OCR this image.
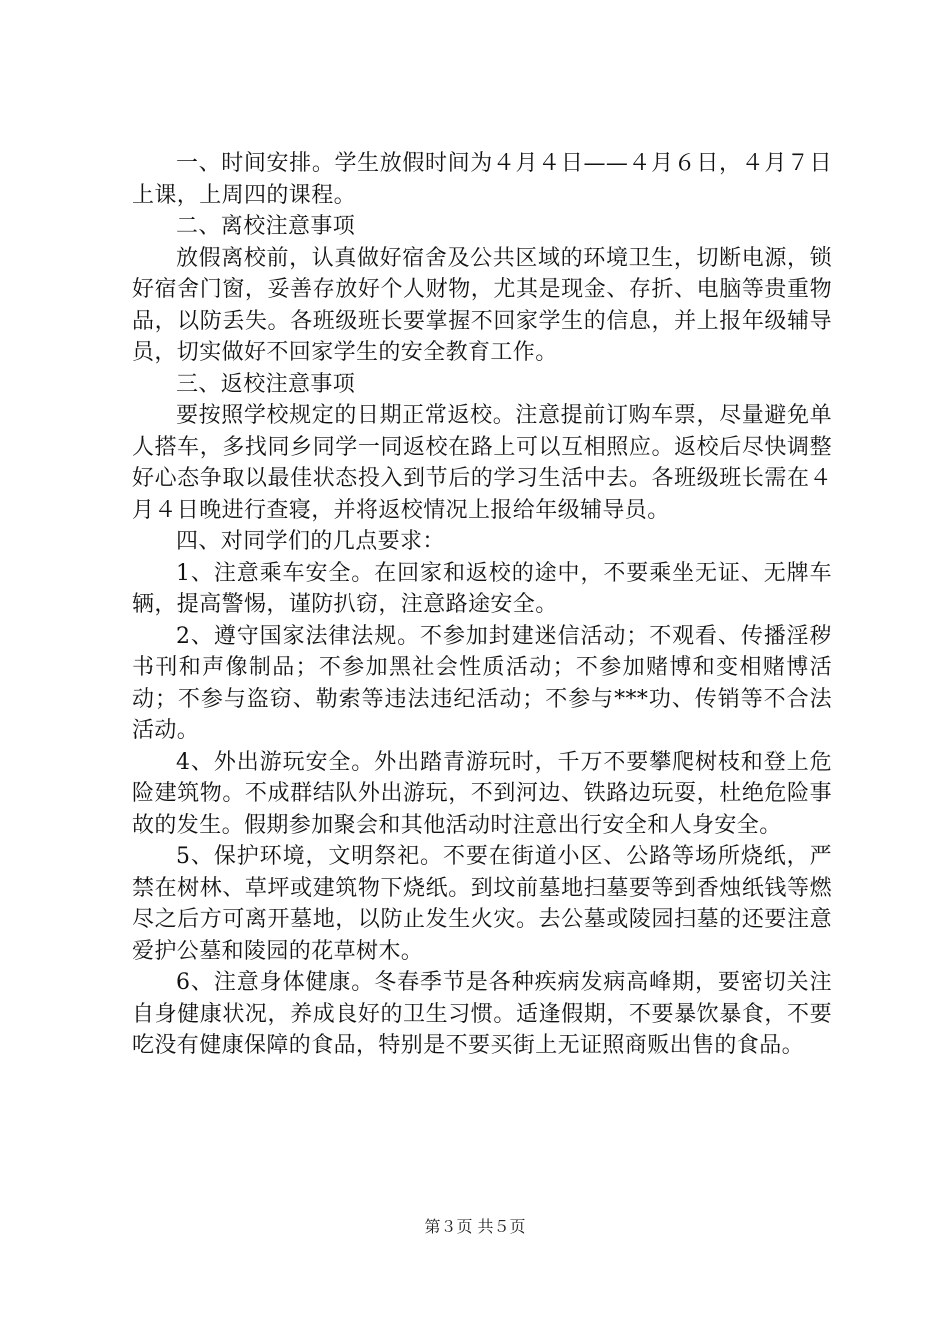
一、时间安排。学生放假时间为４月４日——４月６日，４月７日上课，上周四的课程。

二、离校注意事项

放假离校前，认真做好宿舍及公共区域的环境卫生，切断电源，锁好宿舍门窗，妥善存放好个人财物，尤其是现金、存折、电脑等贵重物品，以防丢失。各班级班长要掌握不回家学生的信息，并上报年级辅导员，切实做好不回家学生的安全教育工作。

三、返校注意事项

要按照学校规定的日期正常返校。注意提前订购车票，尽量避免单人搭车，多找同乡同学一同返校在路上可以互相照应。返校后尽快调整好心态争取以最佳状态投入到节后的学习生活中去。各班级班长需在４月４日晚进行查寝，并将返校情况上报给年级辅导员。

四、对同学们的几点要求：

1、注意乘车安全。在回家和返校的途中，不要乘坐无证、无牌车辆，提高警惕，谨防扒窃，注意路途安全。

2、遵守国家法律法规。不参加封建迷信活动；不观看、传播淫秽书刊和声像制品；不参加黑社会性质活动；不参加赌博和变相赌博活动；不参与盗窃、勒索等违法违纪活动；不参与***功、传销等不合法活动。

4、外出游玩安全。外出踏青游玩时，千万不要攀爬树枝和登上危险建筑物。不成群结队外出游玩，不到河边、铁路边玩耍，杜绝危险事故的发生。假期参加聚会和其他活动时注意出行安全和人身安全。

5、保护环境，文明祭祀。不要在街道小区、公路等场所烧纸，严禁在树林、草坪或建筑物下烧纸。到坟前墓地扫墓要等到香烛纸钱等燃尽之后方可离开墓地，以防止发生火灾。去公墓或陵园扫墓的还要注意爱护公墓和陵园的花草树木。

6、注意身体健康。冬春季节是各种疾病发病高峰期，要密切关注自身健康状况，养成良好的卫生习惯。适逢假期，不要暴饮暴食，不要吃没有健康保障的食品，特别是不要买街上无证照商贩出售的食品。

第３页 共５页
